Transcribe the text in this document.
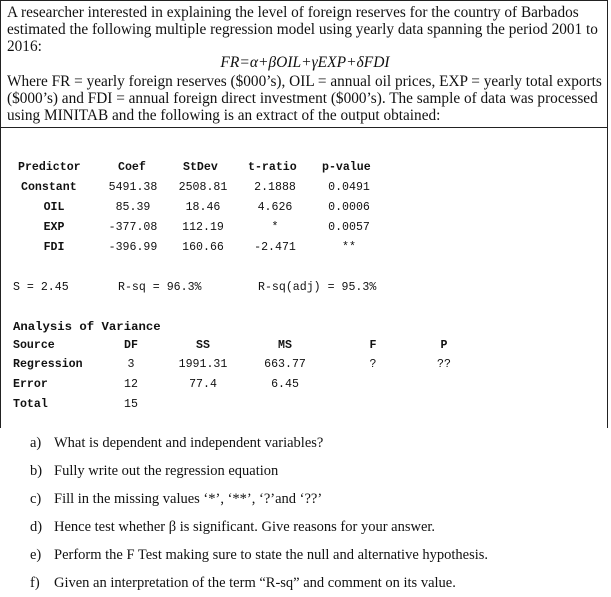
A researcher interested in explaining the level of foreign reserves for the country of Barbados
estimated the following multiple regression model using yearly data spanning the period 2001 to
2016:
FR=α+βOIL+γEXP+δFDI
Where FR = yearly foreign reserves ($000’s), OIL = annual oil prices, EXP = yearly total exports
($000’s) and FDI = annual foreign direct investment ($000’s). The sample of data was processed
using MINITAB and the following is an extract of the output obtained:
Predictor	Coef	StDev	t-ratio p-value
Constant	5491.38	2508.81	2.1888	0.0491
OIL	85.39	18.46	4.626	0.0006
EXP	-377.08	112.19	*	0.0057
FDI	-396.99	160.66	-2.471	**
S = 2.45	R-sq = 96.3%	R-sq(adj) = 95.3%
Analysis of Variance
Source	DF	SS	MS	F	P
Regression	3	1991.31	663.77	?	??
Error	12	77.4	6.45
Total	15
a) What is dependent and independent variables?
b) Fully write out the regression equation
c) Fill in the missing values ‘*’, ‘**’, ‘?’and ‘??’
d) Hence test whether β is significant. Give reasons for your answer.
e) Perform the F Test making sure to state the null and alternative hypothesis.
f) Given an interpretation of the term “R-sq” and comment on its value.
